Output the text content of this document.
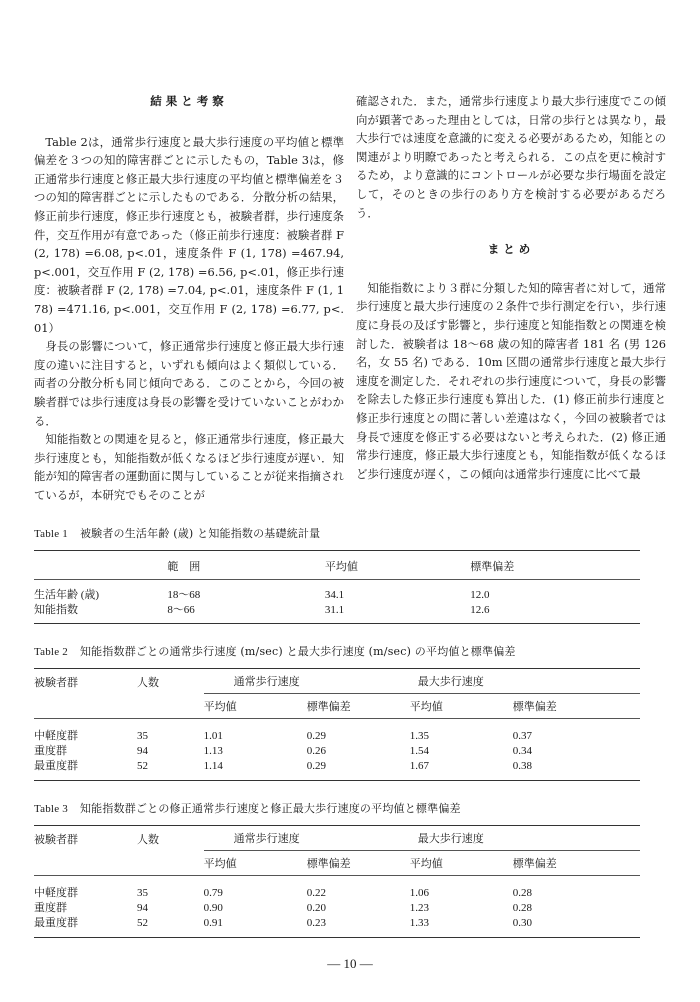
結果と考察

Table 2は，通常歩行速度と最大歩行速度の平均値と標準偏差を３つの知的障害群ごとに示したもの，Table 3は，修正通常歩行速度と修正最大歩行速度の平均値と標準偏差を３つの知的障害群ごとに示したものである．分散分析の結果，修正前歩行速度，修正歩行速度とも，被験者群，歩行速度条件，交互作用が有意であった（修正前歩行速度：被験者群 F (2, 178) =6.08, p<.01，速度条件 F (1, 178) =467.94, p<.001，交互作用 F (2, 178) =6.56, p<.01，修正歩行速度：被験者群 F (2, 178) =7.04, p<.01，速度条件 F (1, 178) =471.16, p<.001，交互作用 F (2, 178) =6.77, p<.01）

身長の影響について，修正通常歩行速度と修正最大歩行速度の違いに注目すると，いずれも傾向はよく類似している．両者の分散分析も同じ傾向である．このことから，今回の被験者群では歩行速度は身長の影響を受けていないことがわかる．

知能指数との関連を見ると，修正通常歩行速度，修正最大歩行速度とも，知能指数が低くなるほど歩行速度が遅い．知能が知的障害者の運動面に関与していることが従来指摘されているが，本研究でもそのことが

確認された．また，通常歩行速度より最大歩行速度でこの傾向が顕著であった理由としては，日常の歩行とは異なり，最大歩行では速度を意識的に変える必要があるため，知能との関連がより明瞭であったと考えられる．この点を更に検討するため，より意識的にコントロールが必要な歩行場面を設定して，そのときの歩行のあり方を検討する必要があるだろう．

まとめ

知能指数により３群に分類した知的障害者に対して，通常歩行速度と最大歩行速度の２条件で歩行測定を行い，歩行速度に身長の及ぼす影響と，歩行速度と知能指数との関連を検討した．被験者は 18〜68 歳の知的障害者 181 名 (男 126 名，女 55 名) である．10m 区間の通常歩行速度と最大歩行速度を測定した．それぞれの歩行速度について，身長の影響を除去した修正歩行速度も算出した．(1) 修正前歩行速度と修正歩行速度との間に著しい差違はなく，今回の被験者では身長で速度を修正する必要はないと考えられた．(2) 修正通常歩行速度，修正最大歩行速度とも，知能指数が低くなるほど歩行速度が遅く，この傾向は通常歩行速度に比べて最

Table 1 被験者の生活年齢 (歳) と知能指数の基礎統計量
	範　囲	平均値	標準偏差
生活年齢 (歳)	18〜68	34.1	12.0
知能指数	8〜66	31.1	12.6
Table 2 知能指数群ごとの通常歩行速度 (m/sec) と最大歩行速度 (m/sec) の平均値と標準偏差
被験者群	人数	通常歩行速度		最大歩行速度	
		平均値	標準偏差	平均値	標準偏差
中軽度群	35	1.01	0.29	1.35	0.37
重度群	94	1.13	0.26	1.54	0.34
最重度群	52	1.14	0.29	1.67	0.38
Table 3 知能指数群ごとの修正通常歩行速度と修正最大歩行速度の平均値と標準偏差
被験者群	人数	通常歩行速度		最大歩行速度	
		平均値	標準偏差	平均値	標準偏差
中軽度群	35	0.79	0.22	1.06	0.28
重度群	94	0.90	0.20	1.23	0.28
最重度群	52	0.91	0.23	1.33	0.30
— 10 —
